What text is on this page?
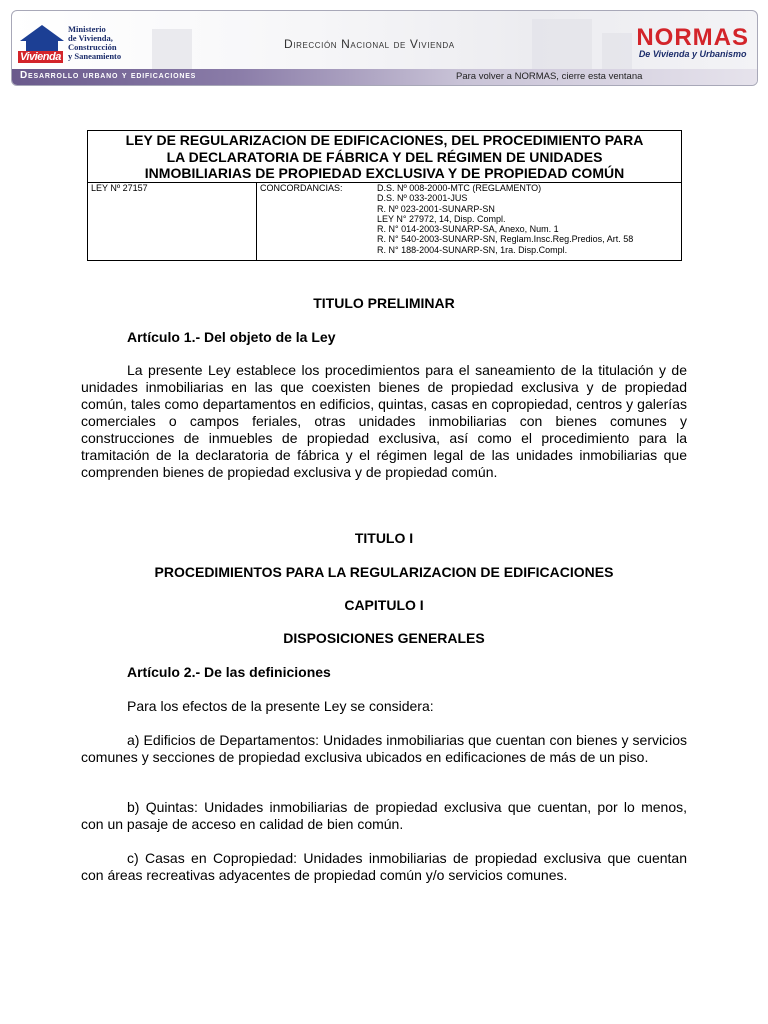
Vivienda
Ministerio
de Vivienda,
Construcción
y Saneamiento
Dirección Nacional de Vivienda	NORMAS
De Vivienda y Urbanismo
Desarrollo urbano y edificaciones	Para volver a NORMAS, cierre esta ventana
LEY DE REGULARIZACION DE EDIFICACIONES, DEL PROCEDIMIENTO PARA
LA DECLARATORIA DE FÁBRICA Y DEL RÉGIMEN DE UNIDADES
INMOBILIARIAS DE PROPIEDAD EXCLUSIVA Y DE PROPIEDAD COMÚN
LEY Nº 27157	CONCORDANCIAS:	D.S. Nº 008-2000-MTC (REGLAMENTO)
D.S. Nº 033-2001-JUS
R. Nº 023-2001-SUNARP-SN
LEY N° 27972, 14, Disp. Compl.
R. N° 014-2003-SUNARP-SA, Anexo, Num. 1
R. N° 540-2003-SUNARP-SN, Reglam.Insc.Reg.Predios, Art. 58
R. N° 188-2004-SUNARP-SN, 1ra. Disp.Compl.
TITULO PRELIMINAR
Artículo 1.- Del objeto de la Ley

La presente Ley establece los procedimientos para el saneamiento de la titulación y de unidades inmobiliarias en las que coexisten bienes de propiedad exclusiva y de propiedad común, tales como departamentos en edificios, quintas, casas en copropiedad, centros y galerías comerciales o campos feriales, otras unidades inmobiliarias con bienes comunes y construcciones de inmuebles de propiedad exclusiva, así como el procedimiento para la tramitación de la declaratoria de fábrica y el régimen legal de las unidades inmobiliarias que comprenden bienes de propiedad exclusiva y de propiedad común.

TITULO I
PROCEDIMIENTOS PARA LA REGULARIZACION DE EDIFICACIONES
CAPITULO I
DISPOSICIONES GENERALES
Artículo 2.- De las definiciones

Para los efectos de la presente Ley se considera:

a) Edificios de Departamentos: Unidades inmobiliarias que cuentan con bienes y servicios comunes y secciones de propiedad exclusiva ubicados en edificaciones de más de un piso.

b) Quintas: Unidades inmobiliarias de propiedad exclusiva que cuentan, por lo menos, con un pasaje de acceso en calidad de bien común.

c) Casas en Copropiedad: Unidades inmobiliarias de propiedad exclusiva que cuentan con áreas recreativas adyacentes de propiedad común y/o servicios comunes.
